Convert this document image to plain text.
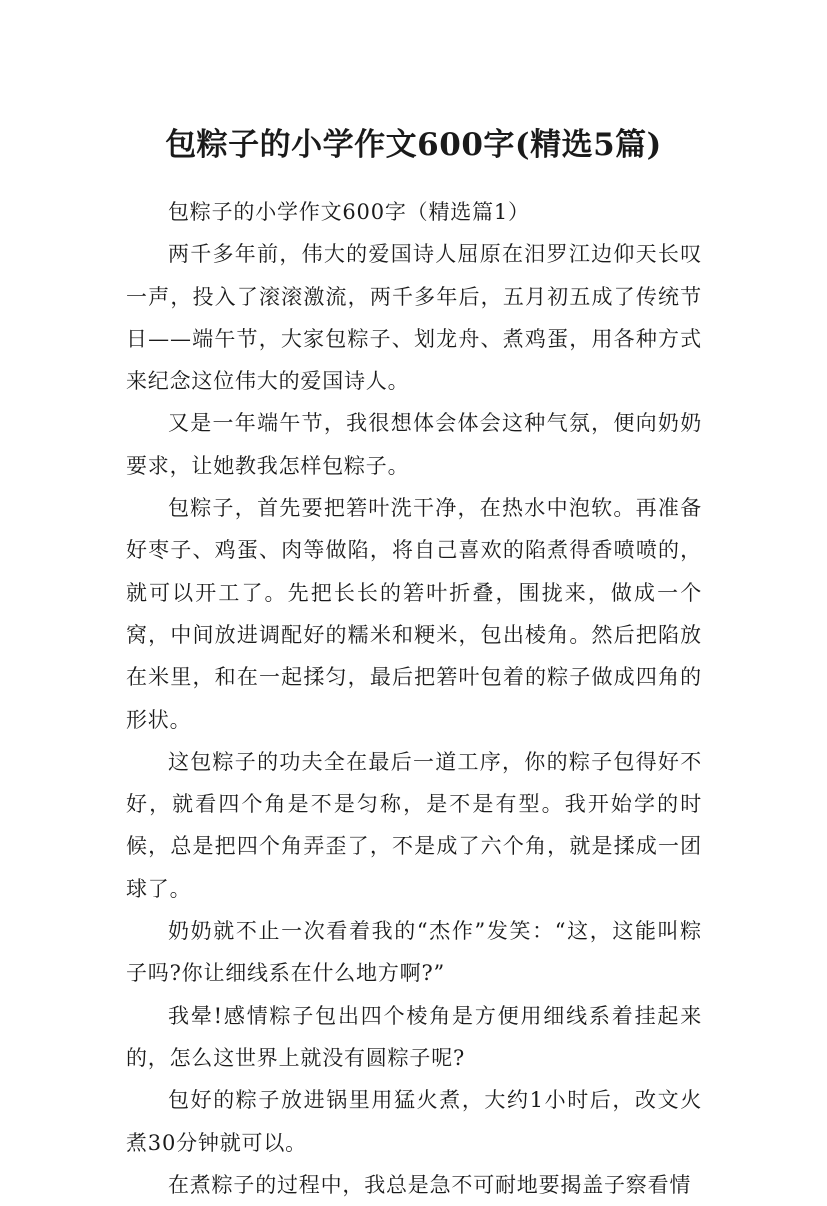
包粽子的小学作文600字(精选5篇)

包粽子的小学作文600字（精选篇1）

两千多年前，伟大的爱国诗人屈原在汨罗江边仰天长叹一声，投入了滚滚激流，两千多年后，五月初五成了传统节日——端午节，大家包粽子、划龙舟、煮鸡蛋，用各种方式来纪念这位伟大的爱国诗人。

又是一年端午节，我很想体会体会这种气氛，便向奶奶要求，让她教我怎样包粽子。

包粽子，首先要把箬叶洗干净，在热水中泡软。再准备好枣子、鸡蛋、肉等做陷，将自己喜欢的陷煮得香喷喷的，就可以开工了。先把长长的箬叶折叠，围拢来，做成一个窝，中间放进调配好的糯米和粳米，包出棱角。然后把陷放在米里，和在一起揉匀，最后把箬叶包着的粽子做成四角的形状。

这包粽子的功夫全在最后一道工序，你的粽子包得好不好，就看四个角是不是匀称，是不是有型。我开始学的时候，总是把四个角弄歪了，不是成了六个角，就是揉成一团球了。

奶奶就不止一次看着我的“杰作”发笑：“这，这能叫粽子吗?你让细线系在什么地方啊?”

我晕!感情粽子包出四个棱角是方便用细线系着挂起来的，怎么这世界上就没有圆粽子呢?

包好的粽子放进锅里用猛火煮，大约1小时后，改文火煮30分钟就可以。

在煮粽子的过程中，我总是急不可耐地要揭盖子察看情
